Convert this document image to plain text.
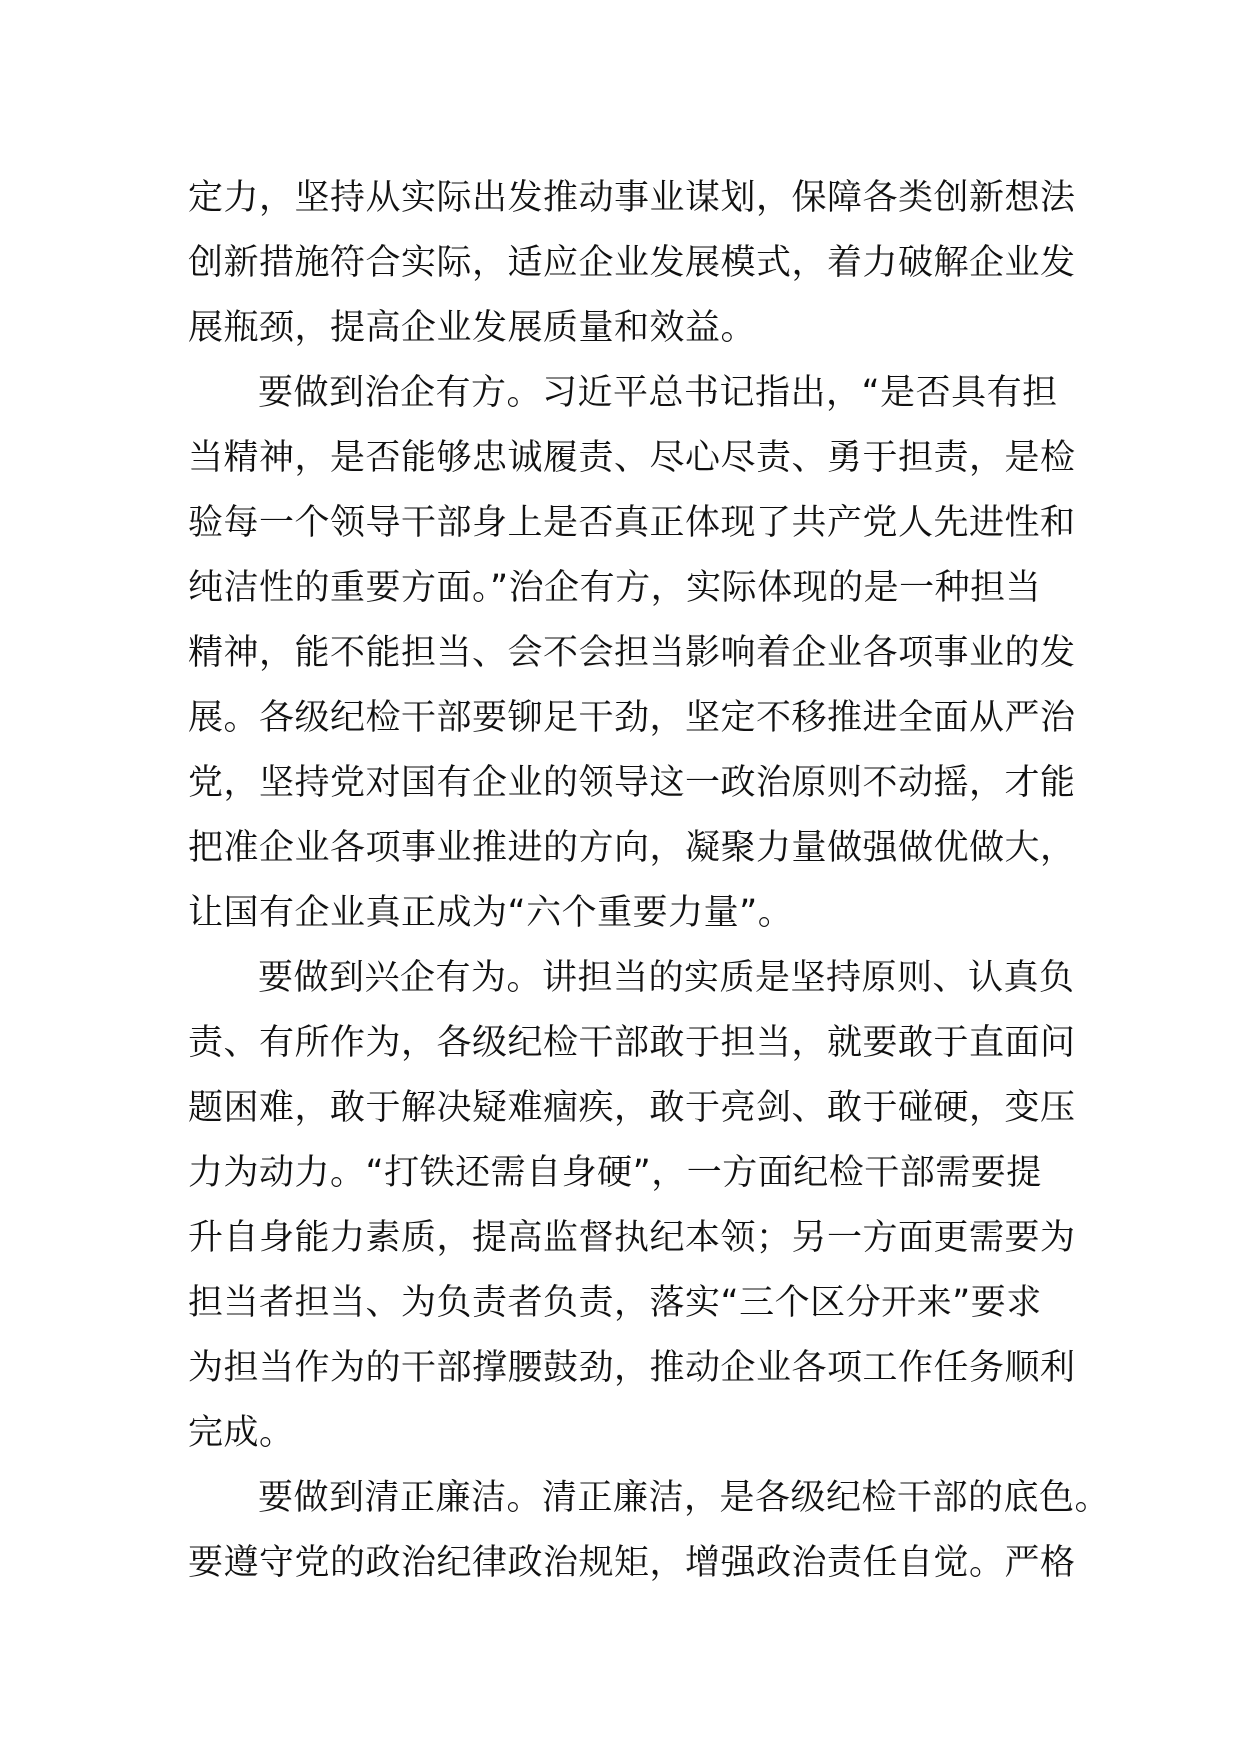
定力，坚持从实际出发推动事业谋划，保障各类创新想法
创新措施符合实际，适应企业发展模式，着力破解企业发
展瓶颈，提高企业发展质量和效益。
要做到治企有方。习近平总书记指出，“是否具有担
当精神，是否能够忠诚履责、尽心尽责、勇于担责，是检
验每一个领导干部身上是否真正体现了共产党人先进性和
纯洁性的重要方面。”治企有方，实际体现的是一种担当
精神，能不能担当、会不会担当影响着企业各项事业的发
展。各级纪检干部要铆足干劲，坚定不移推进全面从严治
党，坚持党对国有企业的领导这一政治原则不动摇，才能
把准企业各项事业推进的方向，凝聚力量做强做优做大，
让国有企业真正成为“六个重要力量”。
要做到兴企有为。讲担当的实质是坚持原则、认真负
责、有所作为，各级纪检干部敢于担当，就要敢于直面问
题困难，敢于解决疑难痼疾，敢于亮剑、敢于碰硬，变压
力为动力。“打铁还需自身硬”，一方面纪检干部需要提
升自身能力素质，提高监督执纪本领；另一方面更需要为
担当者担当、为负责者负责，落实“三个区分开来”要求
为担当作为的干部撑腰鼓劲，推动企业各项工作任务顺利
完成。
要做到清正廉洁。清正廉洁，是各级纪检干部的底色。
要遵守党的政治纪律政治规矩，增强政治责任自觉。严格
